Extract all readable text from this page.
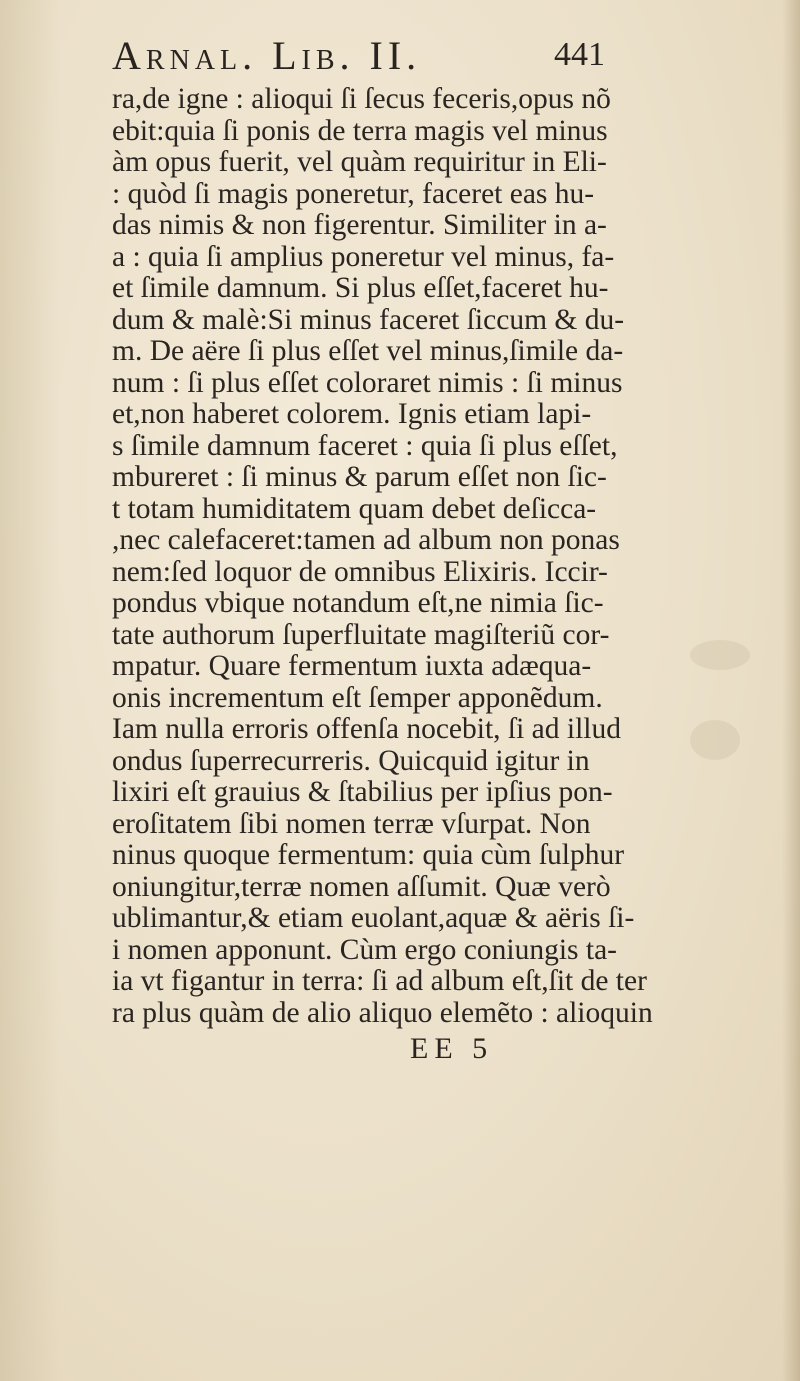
Arnal. Lib. II.	441
ra,de igne : alioqui ſi ſecus feceris,opus nõ
ebit:quia ſi ponis de terra magis vel minus
àm opus fuerit, vel quàm requiritur in Eli-
: quòd ſi magis poneretur, faceret eas hu-
das nimis & non figerentur. Similiter in a-
a : quia ſi amplius poneretur vel minus, fa-
et ſimile damnum. Si plus eſſet,faceret hu-
dum & malè:Si minus faceret ſiccum & du-
m. De aëre ſi plus eſſet vel minus,ſimile da-
num : ſi plus eſſet coloraret nimis : ſi minus
et,non haberet colorem. Ignis etiam lapi-
s ſimile damnum faceret : quia ſi plus eſſet,
mbureret : ſi minus & parum eſſet non ſic-
t totam humiditatem quam debet deſicca-
,nec calefaceret:tamen ad album non ponas
nem:ſed loquor de omnibus Elixiris. Iccir-
pondus vbique notandum eſt,ne nimia ſic-
tate authorum ſuperfluitate magiſteriũ cor-
mpatur. Quare fermentum iuxta adæqua-
onis incrementum eſt ſemper apponẽdum.
Iam nulla erroris offenſa nocebit, ſi ad illud
ondus ſuperrecurreris. Quicquid igitur in
lixiri eſt grauius & ſtabilius per ipſius pon-
eroſitatem ſibi nomen terræ vſurpat. Non
ninus quoque fermentum: quia cùm ſulphur
oniungitur,terræ nomen aſſumit. Quæ verò
ublimantur,& etiam euolant,aquæ & aëris ſi-
i nomen apponunt. Cùm ergo coniungis ta-
ia vt figantur in terra: ſi ad album eſt,ſit de ter
ra plus quàm de alio aliquo elemẽto : alioquin
EE 5
